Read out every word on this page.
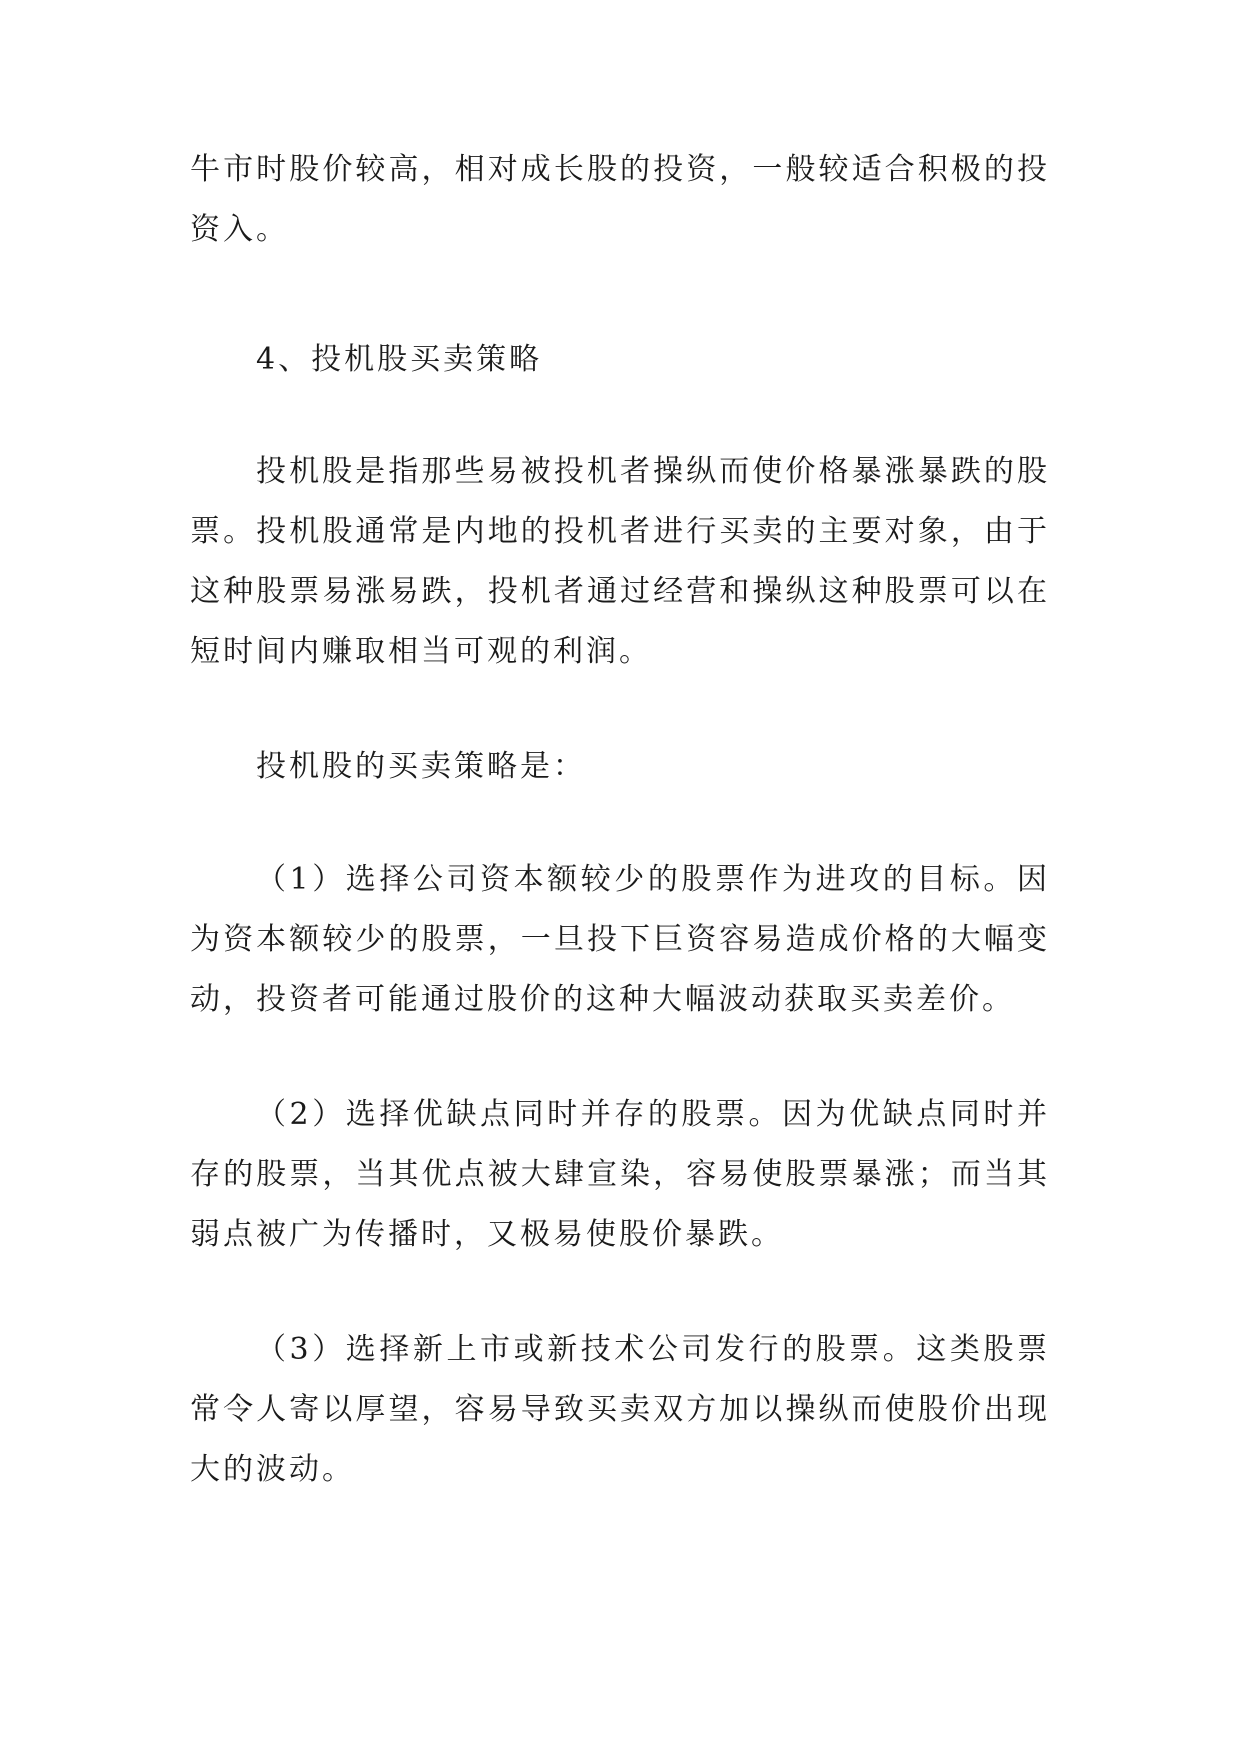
牛市时股价较高，相对成长股的投资，一般较适合积极的投资入。

4、投机股买卖策略

投机股是指那些易被投机者操纵而使价格暴涨暴跌的股票。投机股通常是内地的投机者进行买卖的主要对象，由于这种股票易涨易跌，投机者通过经营和操纵这种股票可以在短时间内赚取相当可观的利润。

投机股的买卖策略是：

（1）选择公司资本额较少的股票作为进攻的目标。因为资本额较少的股票，一旦投下巨资容易造成价格的大幅变动，投资者可能通过股价的这种大幅波动获取买卖差价。

（2）选择优缺点同时并存的股票。因为优缺点同时并存的股票，当其优点被大肆宣染，容易使股票暴涨；而当其弱点被广为传播时，又极易使股价暴跌。

（3）选择新上市或新技术公司发行的股票。这类股票常令人寄以厚望，容易导致买卖双方加以操纵而使股价出现大的波动。
